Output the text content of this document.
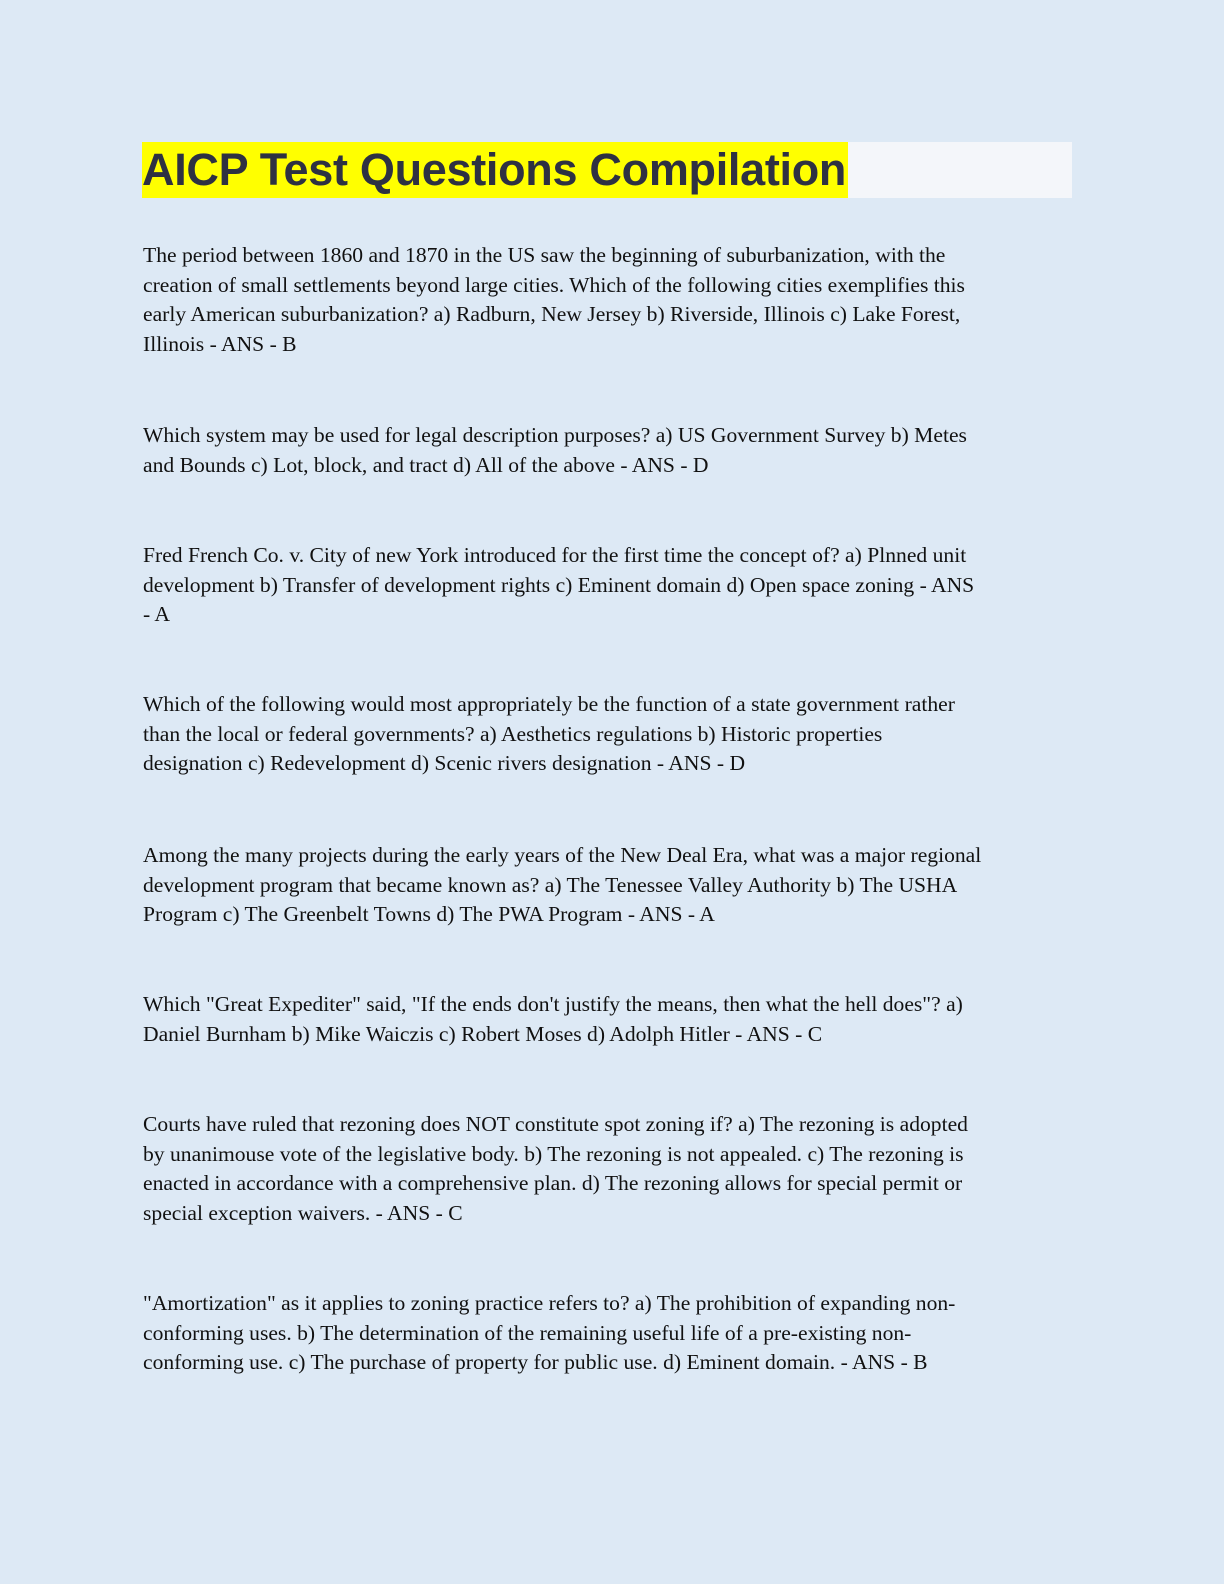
AICP Test Questions Compilation
The period between 1860 and 1870 in the US saw the beginning of suburbanization, with the
creation of small settlements beyond large cities. Which of the following cities exemplifies this
early American suburbanization? a) Radburn, New Jersey b) Riverside, Illinois c) Lake Forest,
Illinois - ANS - B
Which system may be used for legal description purposes? a) US Government Survey b) Metes
and Bounds c) Lot, block, and tract d) All of the above - ANS - D
Fred French Co. v. City of new York introduced for the first time the concept of? a) Plnned unit
development b) Transfer of development rights c) Eminent domain d) Open space zoning - ANS
- A
Which of the following would most appropriately be the function of a state government rather
than the local or federal governments? a) Aesthetics regulations b) Historic properties
designation c) Redevelopment d) Scenic rivers designation - ANS - D
Among the many projects during the early years of the New Deal Era, what was a major regional
development program that became known as? a) The Tenessee Valley Authority b) The USHA
Program c) The Greenbelt Towns d) The PWA Program - ANS - A
Which "Great Expediter" said, "If the ends don't justify the means, then what the hell does"? a)
Daniel Burnham b) Mike Waiczis c) Robert Moses d) Adolph Hitler - ANS - C
Courts have ruled that rezoning does NOT constitute spot zoning if? a) The rezoning is adopted
by unanimouse vote of the legislative body. b) The rezoning is not appealed. c) The rezoning is
enacted in accordance with a comprehensive plan. d) The rezoning allows for special permit or
special exception waivers. - ANS - C
"Amortization" as it applies to zoning practice refers to? a) The prohibition of expanding non-
conforming uses. b) The determination of the remaining useful life of a pre-existing non-
conforming use. c) The purchase of property for public use. d) Eminent domain. - ANS - B
